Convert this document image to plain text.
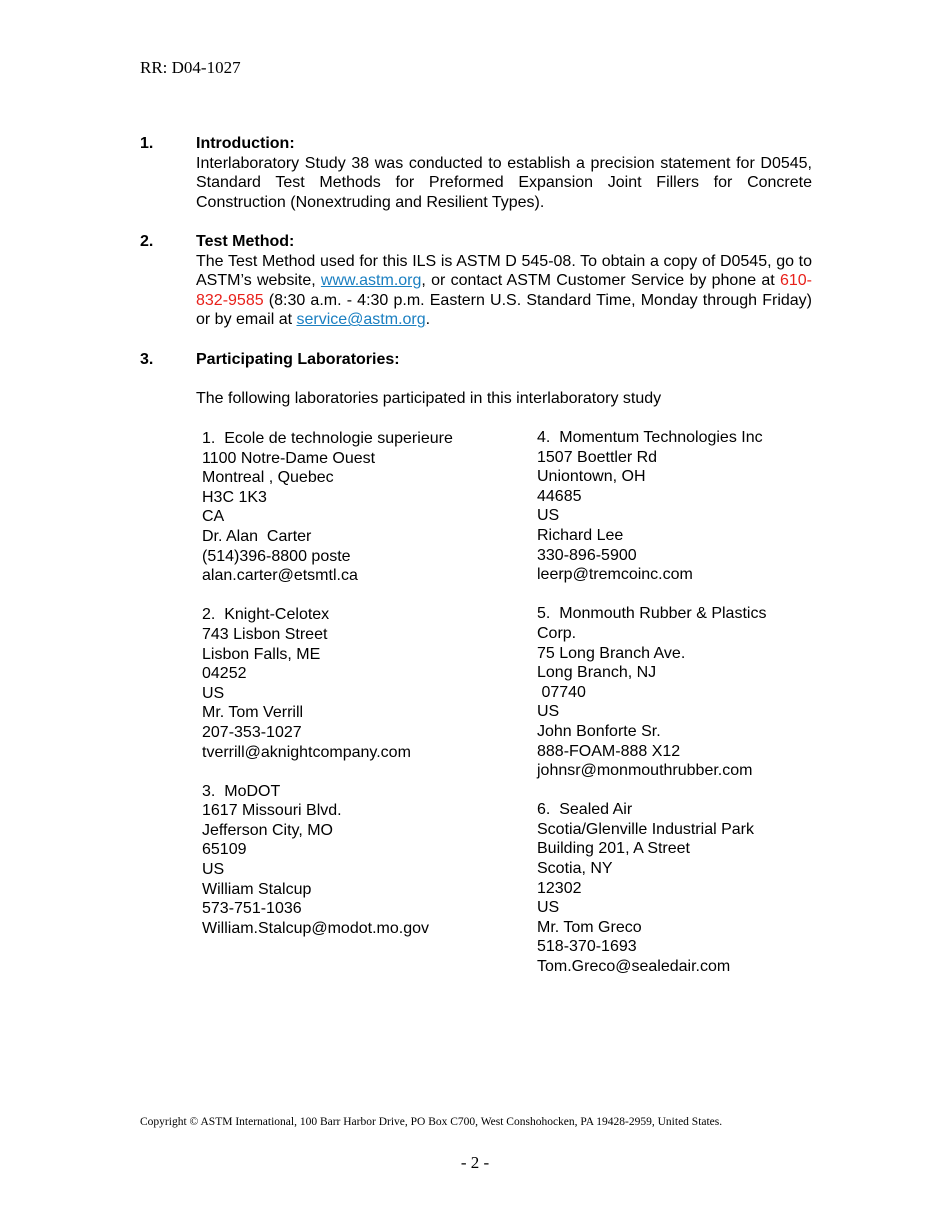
RR: D04-1027
1.	Introduction:
Interlaboratory Study 38 was conducted to establish a precision statement for D0545, Standard Test Methods for Preformed Expansion Joint Fillers for Concrete Construction (Nonextruding and Resilient Types).
2.	Test Method:
The Test Method used for this ILS is ASTM D 545-08. To obtain a copy of D0545, go to ASTM’s website, www.astm.org, or contact ASTM Customer Service by phone at 610-832-9585 (8:30 a.m. - 4:30 p.m. Eastern U.S. Standard Time, Monday through Friday) or by email at service@astm.org.
3.	Participating Laboratories:
The following laboratories participated in this interlaboratory study
1.  Ecole de technologie superieure
1100 Notre-Dame Ouest
Montreal , Quebec
H3C 1K3
CA
Dr. Alan  Carter
(514)396-8800 poste
alan.carter@etsmtl.ca
2.  Knight-Celotex
743 Lisbon Street
Lisbon Falls, ME
04252
US
Mr. Tom Verrill
207-353-1027
tverrill@aknightcompany.com
3.  MoDOT
1617 Missouri Blvd.
Jefferson City, MO
65109
US
William Stalcup
573-751-1036
William.Stalcup@modot.mo.gov
4.  Momentum Technologies Inc
1507 Boettler Rd
Uniontown, OH
44685
US
Richard Lee
330-896-5900
leerp@tremcoinc.com
5.  Monmouth Rubber & Plastics
Corp.
75 Long Branch Ave.
Long Branch, NJ
07740
US
John Bonforte Sr.
888-FOAM-888 X12
johnsr@monmouthrubber.com
6.  Sealed Air
Scotia/Glenville Industrial Park
Building 201, A Street
Scotia, NY
12302
US
Mr. Tom Greco
518-370-1693
Tom.Greco@sealedair.com
Copyright © ASTM International, 100 Barr Harbor Drive, PO Box C700, West Conshohocken, PA 19428-2959, United States.
- 2 -
